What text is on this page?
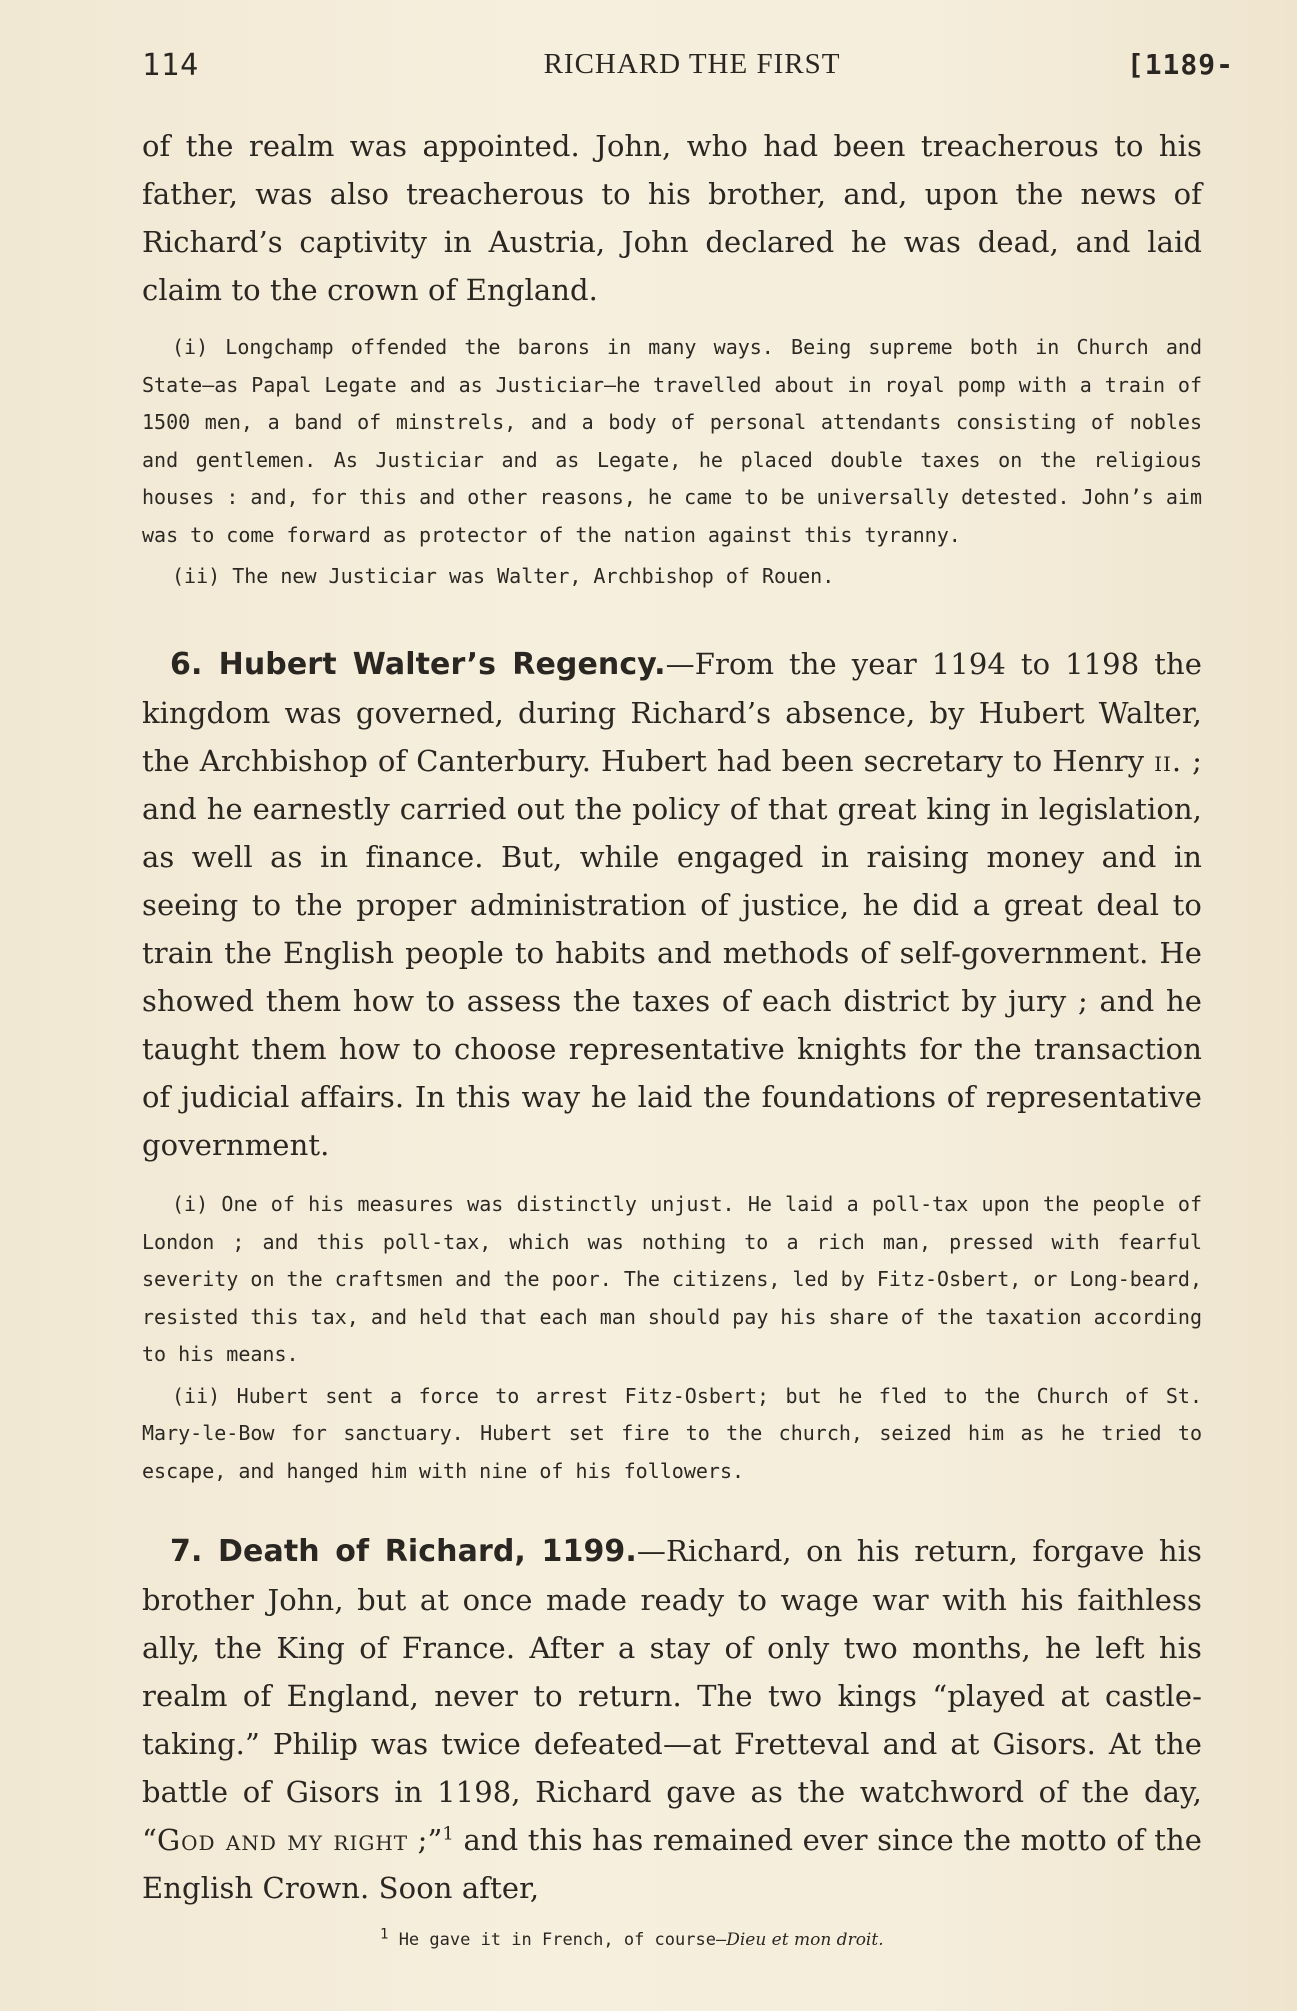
114	RICHARD THE FIRST	[1189-

of the realm was appointed. John, who had been treacherous to his father, was also treacherous to his brother, and, upon the news of Richard’s captivity in Austria, John declared he was dead, and laid claim to the crown of England.

(i) Longchamp offended the barons in many ways. Being supreme both in Church and State—as Papal Legate and as Justiciar—he travelled about in royal pomp with a train of 1500 men, a band of minstrels, and a body of personal attendants consisting of nobles and gentlemen. As Justiciar and as Legate, he placed double taxes on the religious houses : and, for this and other reasons, he came to be universally detested. John’s aim was to come forward as protector of the nation against this tyranny.

(ii) The new Justiciar was Walter, Archbishop of Rouen.

6. Hubert Walter’s Regency.—From the year 1194 to 1198 the kingdom was governed, during Richard’s absence, by Hubert Walter, the Archbishop of Canterbury. Hubert had been secretary to Henry ii. ; and he earnestly carried out the policy of that great king in legislation, as well as in finance. But, while engaged in raising money and in seeing to the proper administration of justice, he did a great deal to train the English people to habits and methods of self-government. He showed them how to assess the taxes of each district by jury ; and he taught them how to choose representative knights for the transaction of judicial affairs. In this way he laid the foundations of representative government.

(i) One of his measures was distinctly unjust. He laid a poll-tax upon the people of London ; and this poll-tax, which was nothing to a rich man, pressed with fearful severity on the craftsmen and the poor. The citizens, led by Fitz-Osbert, or Long-beard, resisted this tax, and held that each man should pay his share of the taxation according to his means.

(ii) Hubert sent a force to arrest Fitz-Osbert; but he fled to the Church of St. Mary-le-Bow for sanctuary. Hubert set fire to the church, seized him as he tried to escape, and hanged him with nine of his followers.

7. Death of Richard, 1199.—Richard, on his return, forgave his brother John, but at once made ready to wage war with his faithless ally, the King of France. After a stay of only two months, he left his realm of England, never to return. The two kings “played at castle-taking.” Philip was twice defeated—at Fretteval and at Gisors. At the battle of Gisors in 1198, Richard gave as the watchword of the day, “God and my right ;”$^1$ and this has remained ever since the motto of the English Crown. Soon after,

$^1$ He gave it in French, of course—Dieu et mon droit.
